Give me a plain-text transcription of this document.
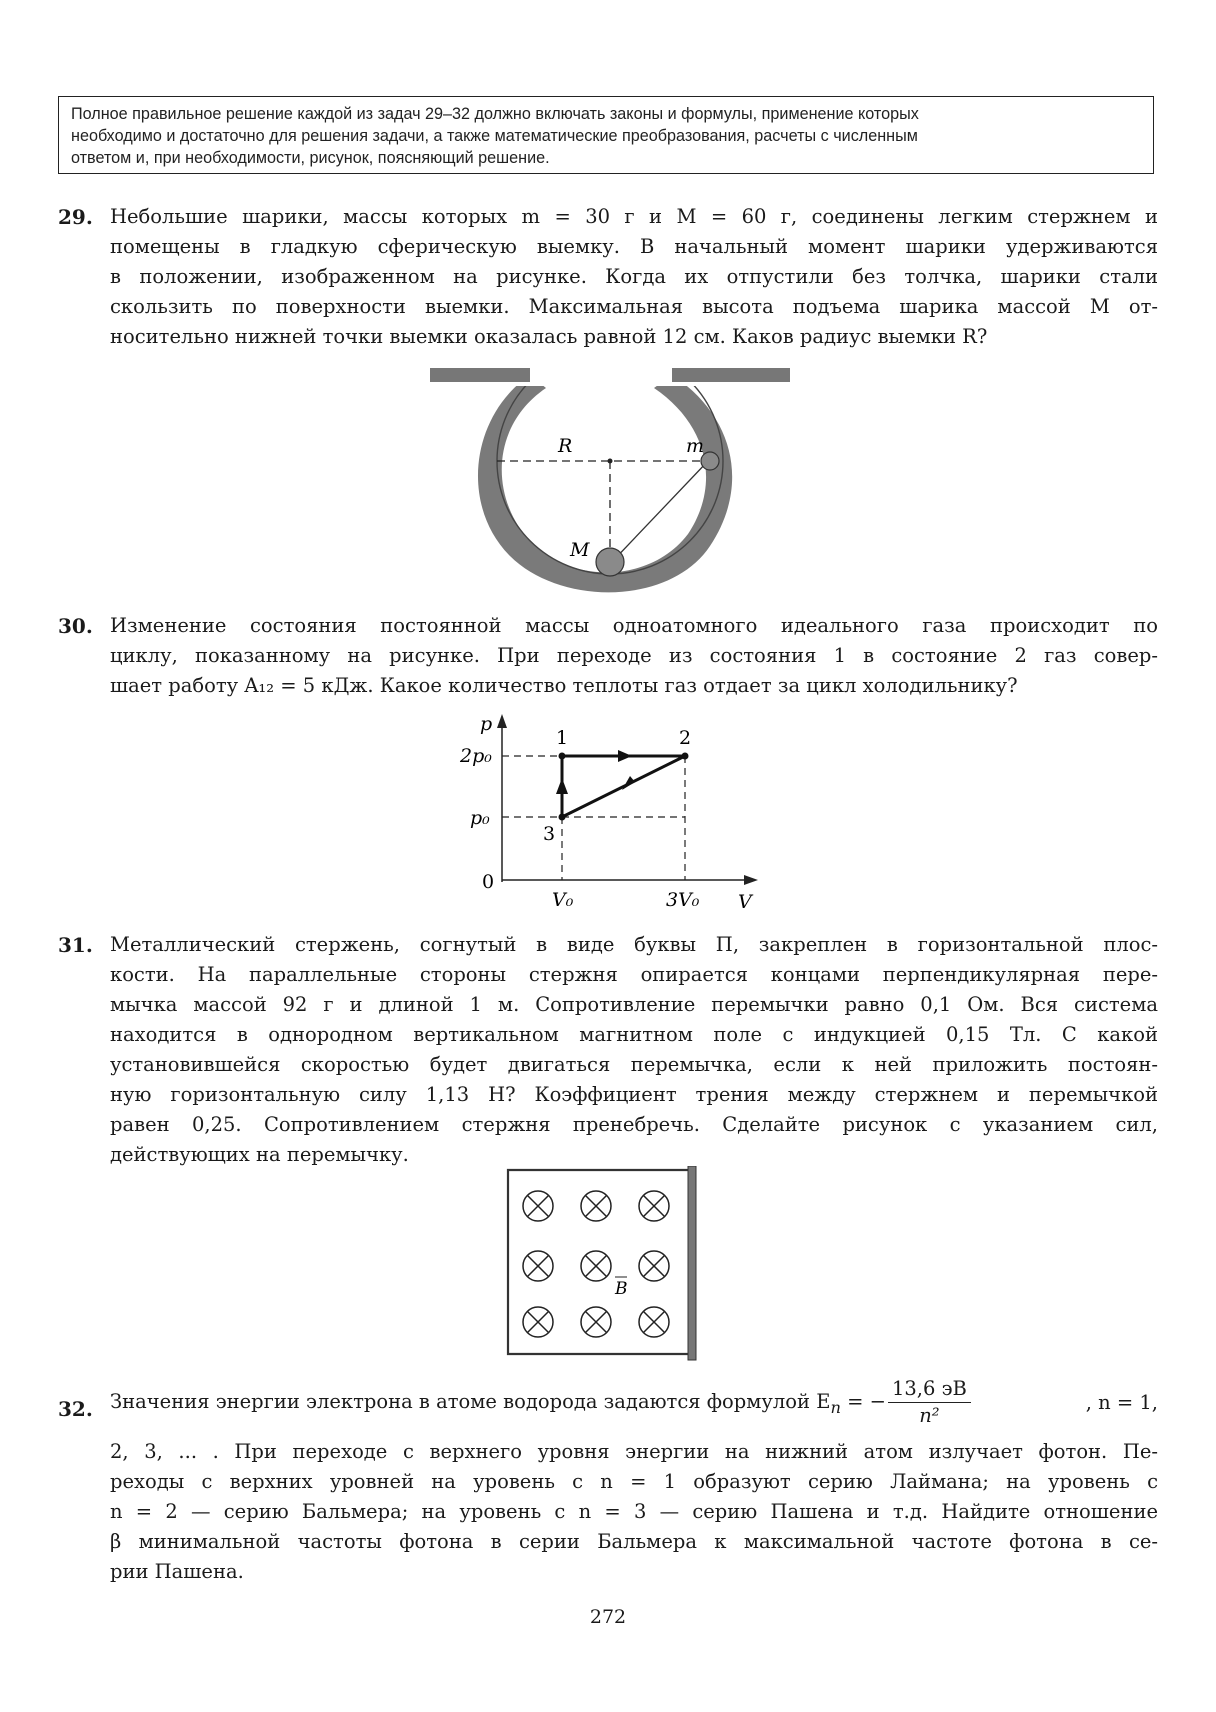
Полное правильное решение каждой из задач 29–32 должно включать законы и формулы, применение которых
необходимо и достаточно для решения задачи, а также математические преобразования, расчеты с численным
ответом и, при необходимости, рисунок, поясняющий решение.
29. Небольшие шарики, массы которых m = 30 г и M = 60 г, соединены легким стержнем и
помещены в гладкую сферическую выемку. В начальный момент шарики удерживаются
в положении, изображенном на рисунке. Когда их отпустили без толчка, шарики стали
скользить по поверхности выемки. Максимальная высота подъема шарика массой M от-
носительно нижней точки выемки оказалась равной 12 см. Каков радиус выемки R?
R	m
M
30. Изменение состояния постоянной массы одноатомного идеального газа происходит по
циклу, показанному на рисунке. При переходе из состояния 1 в состояние 2 газ совер-
шает работу A₁₂ = 5 кДж. Какое количество теплоты газ отдает за цикл холодильнику?
p
V
0
2p₀
p₀
V₀	3V₀
1	2
3
31. Металлический стержень, согнутый в виде буквы П, закреплен в горизонтальной плос-
кости. На параллельные стороны стержня опирается концами перпендикулярная пере-
мычка массой 92 г и длиной 1 м. Сопротивление перемычки равно 0,1 Ом. Вся система
находится в однородном вертикальном магнитном поле с индукцией 0,15 Тл. С какой
установившейся скоростью будет двигаться перемычка, если к ней приложить постоян-
ную горизонтальную силу 1,13 Н? Коэффициент трения между стержнем и перемычкой
равен 0,25. Сопротивлением стержня пренебречь. Сделайте рисунок с указанием сил,
действующих на перемычку.
B
32. Значения энергии электрона в атоме водорода задаются формулой $E_n$ = − $\frac{13,6 эВ}{\text{n²}}$	, n = 1,
2, 3, ... . При переходе с верхнего уровня энергии на нижний атом излучает фотон. Пе-
реходы с верхних уровней на уровень с n = 1 образуют серию Лаймана; на уровень с
n = 2 — серию Бальмера; на уровень с n = 3 — серию Пашена и т.д. Найдите отношение
β минимальной частоты фотона в серии Бальмера к максимальной частоте фотона в се-
рии Пашена.
272
